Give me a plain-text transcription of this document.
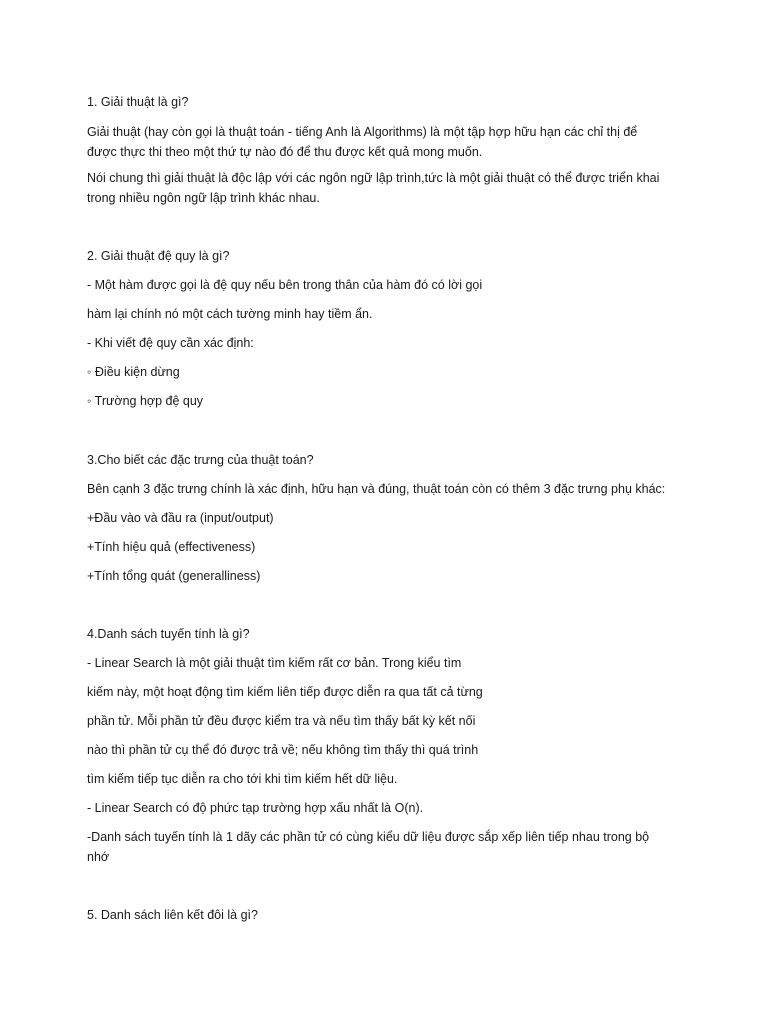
1. Giải thuật là gì?
Giải thuật (hay còn gọi là thuật toán - tiếng Anh là Algorithms) là một tập hợp hữu hạn các chỉ thị để
được thực thi theo một thứ tự nào đó để thu được kết quả mong muốn.
Nói chung thì giải thuật là độc lập với các ngôn ngữ lập trình,tức là một giải thuật có thể được triển khai
trong nhiều ngôn ngữ lập trình khác nhau.
2. Giải thuật đệ quy là gì?
- Một hàm được gọi là đệ quy nếu bên trong thân của hàm đó có lời gọi
hàm lại chính nó một cách tường minh hay tiềm ẩn.
- Khi viết đệ quy cần xác định:
◦ Điều kiện dừng
◦ Trường hợp đệ quy
3.Cho biết các đặc trưng của thuật toán?
Bên cạnh 3 đặc trưng chính là xác định, hữu hạn và đúng, thuật toán còn có thêm 3 đặc trưng phụ khác:
+Đầu vào và đầu ra (input/output)
+Tính hiệu quả (effectiveness)
+Tính tổng quát (generalliness)
4.Danh sách tuyến tính là gì?
- Linear Search là một giải thuật tìm kiếm rất cơ bản. Trong kiểu tìm
kiếm này, một hoạt động tìm kiếm liên tiếp được diễn ra qua tất cả từng
phần tử. Mỗi phần tử đều được kiểm tra và nếu tìm thấy bất kỳ kết nối
nào thì phần tử cụ thể đó được trả về; nếu không tìm thấy thì quá trình
tìm kiếm tiếp tục diễn ra cho tới khi tìm kiếm hết dữ liệu.
- Linear Search có độ phức tạp trường hợp xấu nhất là O(n).
-Danh sách tuyến tính là 1 dãy các phần tử có cùng kiểu dữ liệu được sắp xếp liên tiếp nhau trong bộ
nhớ
5. Danh sách liên kết đôi là gì?
